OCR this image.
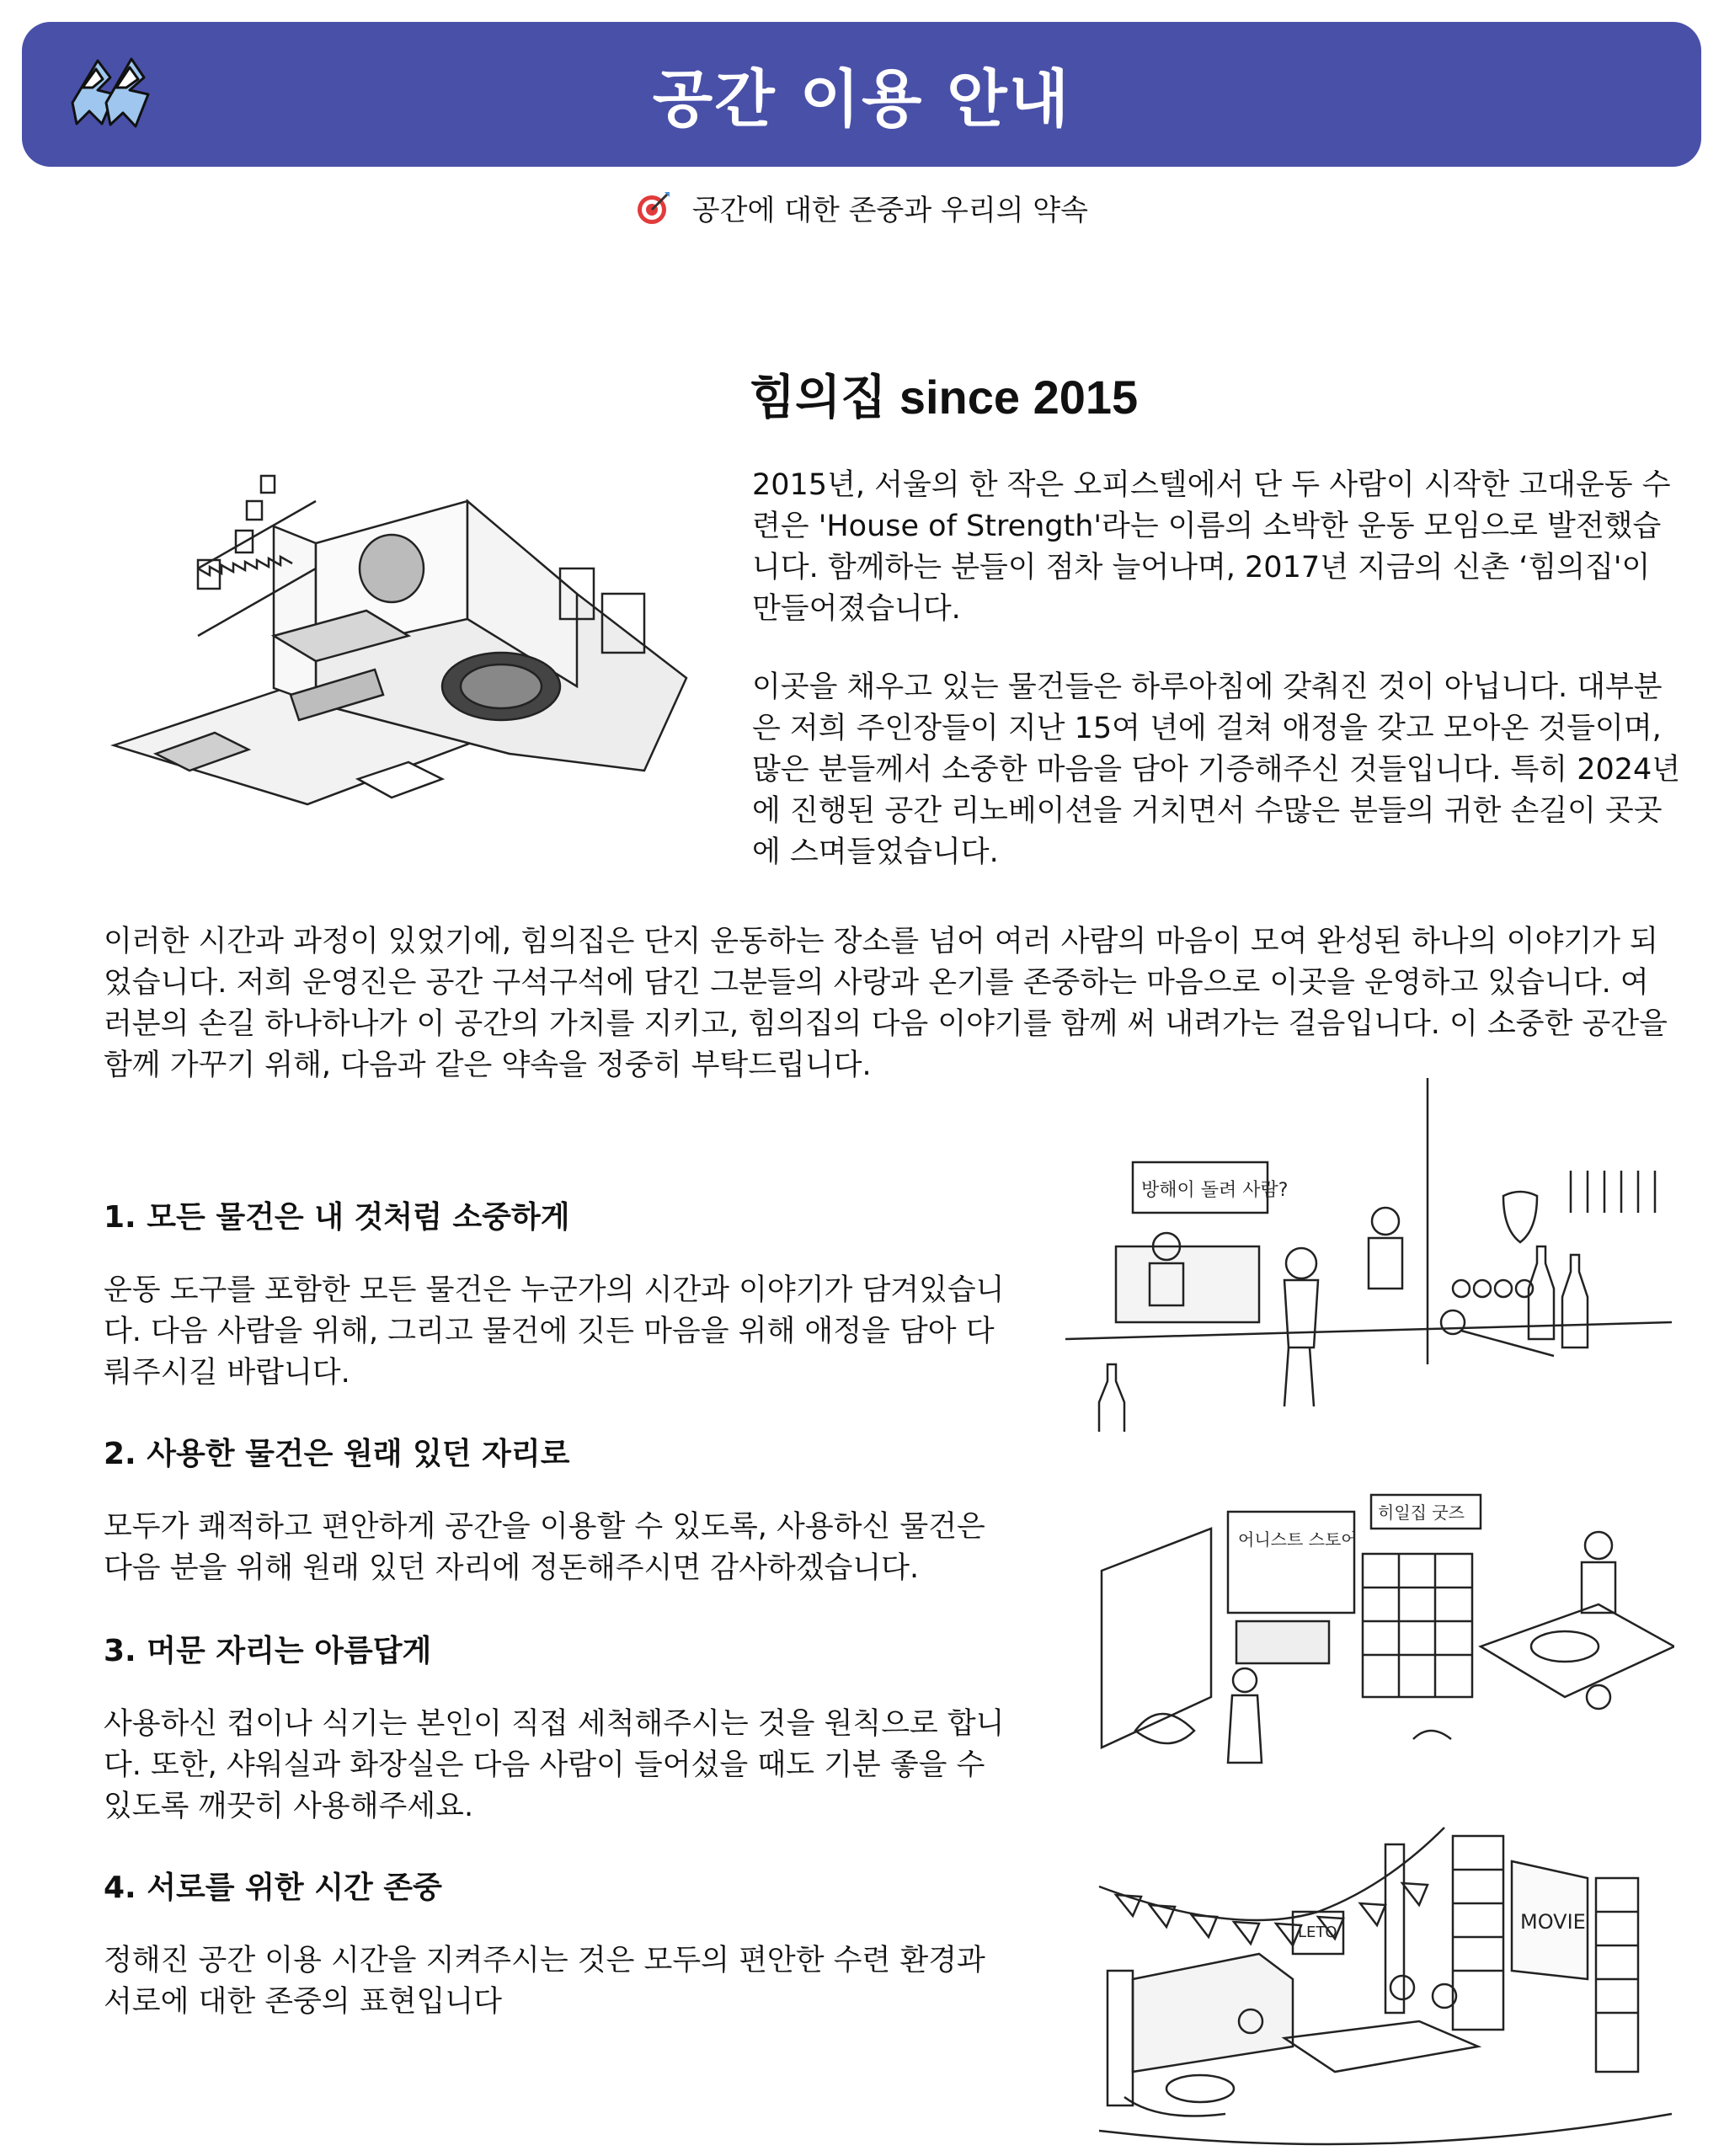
공간 이용 안내
공간에 대한 존중과 우리의 약속
힘의집 since 2015
2015년, 서울의 한 작은 오피스텔에서 단 두 사람이 시작한 고대운동 수련은 'House of Strength'라는 이름의 소박한 운동 모임으로 발전했습니다. 함께하는 분들이 점차 늘어나며, 2017년 지금의 신촌 ‘힘의집'이 만들어졌습니다.
이곳을 채우고 있는 물건들은 하루아침에 갖춰진 것이 아닙니다. 대부분은 저희 주인장들이 지난 15여 년에 걸쳐 애정을 갖고 모아온 것들이며, 많은 분들께서 소중한 마음을 담아 기증해주신 것들입니다. 특히 2024년에 진행된 공간 리노베이션을 거치면서 수많은 분들의 귀한 손길이 곳곳에 스며들었습니다.
이러한 시간과 과정이 있었기에, 힘의집은 단지 운동하는 장소를 넘어 여러 사람의 마음이 모여 완성된 하나의 이야기가 되었습니다. 저희 운영진은 공간 구석구석에 담긴 그분들의 사랑과 온기를 존중하는 마음으로 이곳을 운영하고 있습니다. 여러분의 손길 하나하나가 이 공간의 가치를 지키고, 힘의집의 다음 이야기를 함께 써 내려가는 걸음입니다. 이 소중한 공간을 함께 가꾸기 위해, 다음과 같은 약속을 정중히 부탁드립니다.
1. 모든 물건은 내 것처럼 소중하게
운동 도구를 포함한 모든 물건은 누군가의 시간과 이야기가 담겨있습니다. 다음 사람을 위해, 그리고 물건에 깃든 마음을 위해 애정을 담아 다뤄주시길 바랍니다.
2. 사용한 물건은 원래 있던 자리로
모두가 쾌적하고 편안하게 공간을 이용할 수 있도록, 사용하신 물건은 다음 분을 위해 원래 있던 자리에 정돈해주시면 감사하겠습니다.
3. 머문 자리는 아름답게
사용하신 컵이나 식기는 본인이 직접 세척해주시는 것을 원칙으로 합니다. 또한, 샤워실과 화장실은 다음 사람이 들어섰을 때도 기분 좋을 수 있도록 깨끗히 사용해주세요.
4. 서로를 위한 시간 존중
정해진 공간 이용 시간을 지켜주시는 것은 모두의 편안한 수련 환경과 서로에 대한 존중의 표현입니다
방해이 돌려 사람?
어니스트 스토어
히일집 굿즈
LETO	MOVIE
